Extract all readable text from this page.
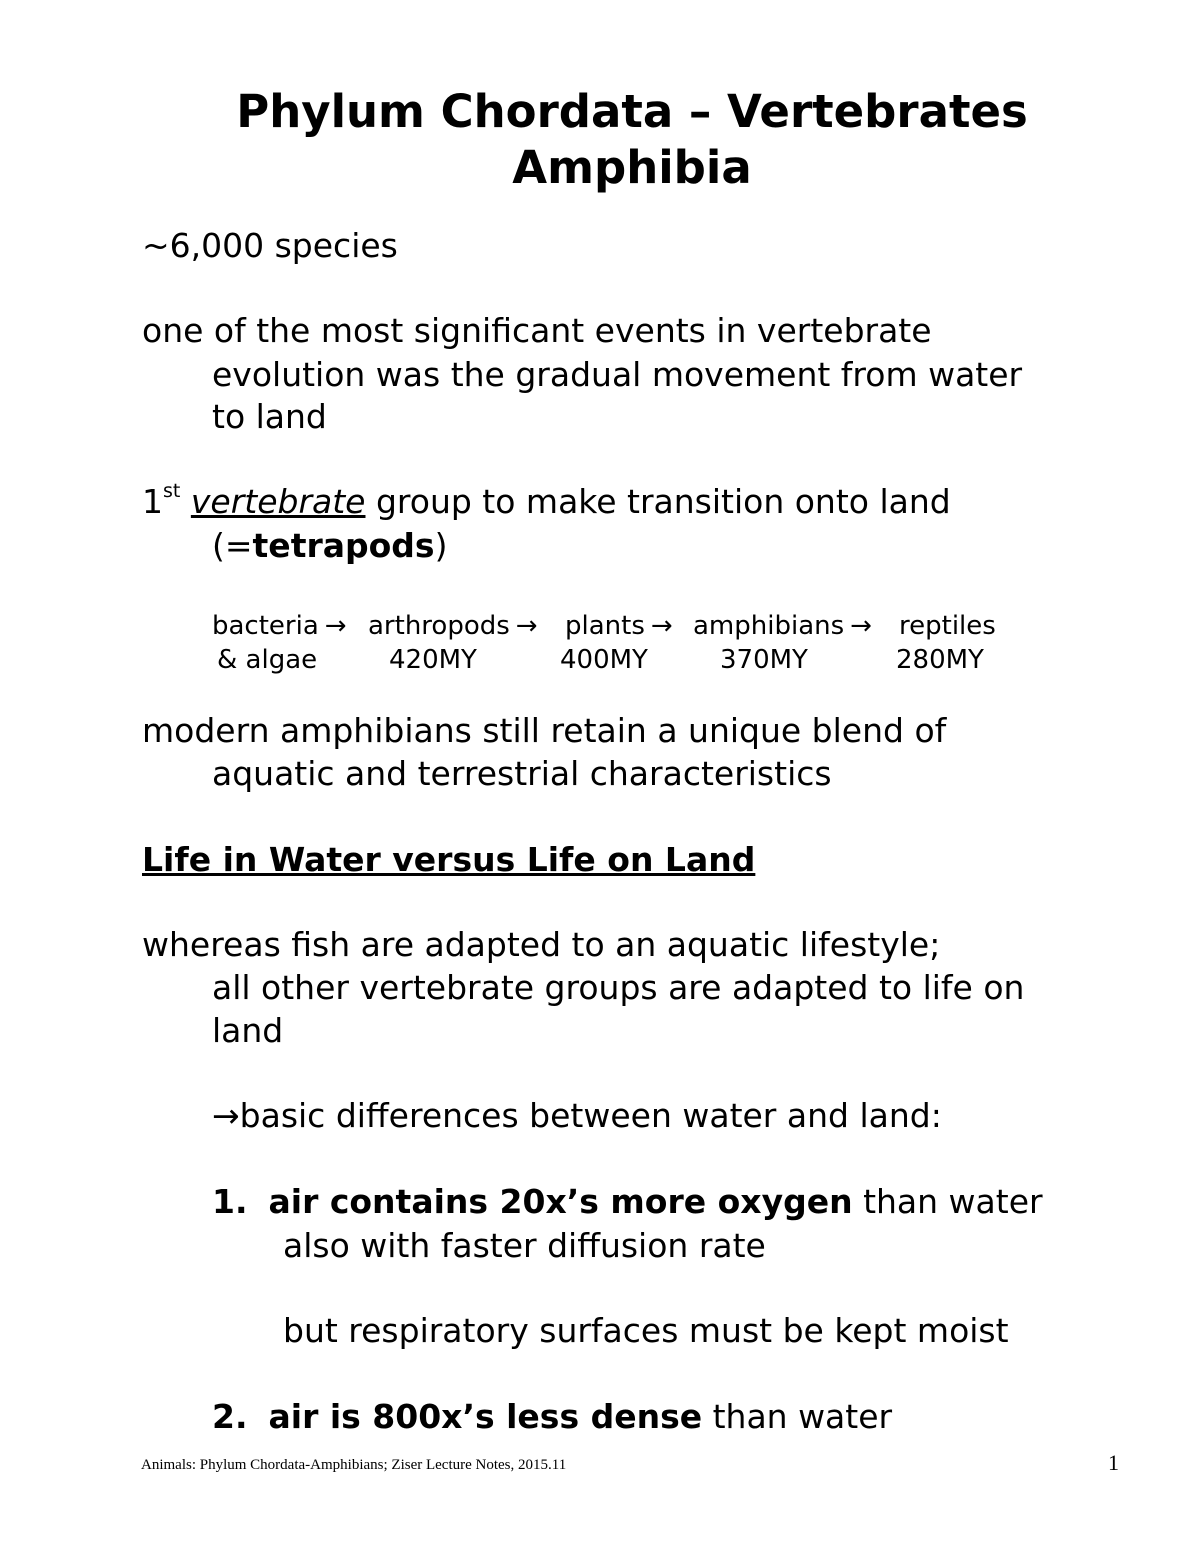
Phylum Chordata – Vertebrates
Amphibia
~6,000 species
one of the most significant events in vertebrate
evolution was the gradual movement from water
to land
1st vertebrate group to make transition onto land
(=tetrapods)
bacteria → arthropods → plants → amphibians → reptiles
& algae	420MY	400MY	370MY	280MY
modern amphibians still retain a unique blend of
aquatic and terrestrial characteristics
Life in Water versus Life on Land
whereas fish are adapted to an aquatic lifestyle;
all other vertebrate groups are adapted to life on
land
→basic differences between water and land:
1. air contains 20x’s more oxygen than water
also with faster diffusion rate
but respiratory surfaces must be kept moist
2. air is 800x’s less dense than water
Animals: Phylum Chordata-Amphibians; Ziser Lecture Notes, 2015.11	1
